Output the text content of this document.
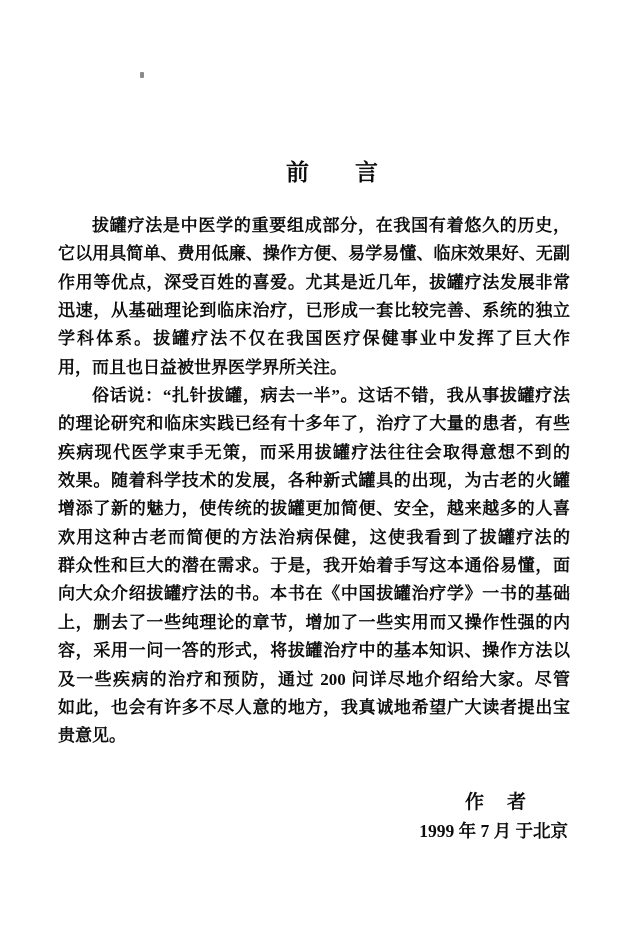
前　　言
拔罐疗法是中医学的重要组成部分，在我国有着悠久的历史，
它以用具简单、费用低廉、操作方便、易学易懂、临床效果好、无副
作用等优点，深受百姓的喜爱。尤其是近几年，拔罐疗法发展非常
迅速，从基础理论到临床治疗，已形成一套比较完善、系统的独立
学科体系。拔罐疗法不仅在我国医疗保健事业中发挥了巨大作
用，而且也日益被世界医学界所关注。
俗话说：“扎针拔罐，病去一半”。这话不错，我从事拔罐疗法
的理论研究和临床实践已经有十多年了，治疗了大量的患者，有些
疾病现代医学束手无策，而采用拔罐疗法往往会取得意想不到的
效果。随着科学技术的发展，各种新式罐具的出现，为古老的火罐
增添了新的魅力，使传统的拔罐更加简便、安全，越来越多的人喜
欢用这种古老而简便的方法治病保健，这使我看到了拔罐疗法的
群众性和巨大的潜在需求。于是，我开始着手写这本通俗易懂，面
向大众介绍拔罐疗法的书。本书在《中国拔罐治疗学》一书的基础
上，删去了一些纯理论的章节，增加了一些实用而又操作性强的内
容，采用一问一答的形式，将拔罐治疗中的基本知识、操作方法以
及一些疾病的治疗和预防，通过 200 问详尽地介绍给大家。尽管
如此，也会有许多不尽人意的地方，我真诚地希望广大读者提出宝
贵意见。
作　者
1999 年 7 月 于北京
